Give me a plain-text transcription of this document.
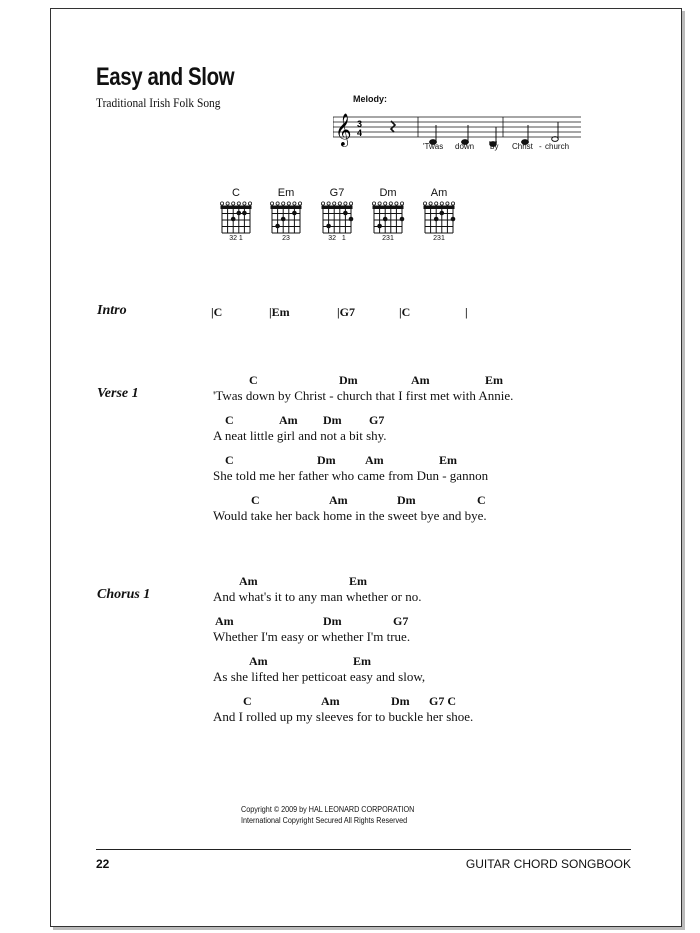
Easy and Slow
Traditional Irish Folk Song	Melody:
𝄞 3
4
'Twas down by Christ - church
C
32 1
Em
23
G7
32   1
Dm
231
Am
231
Intro	|C	|Em	|G7	|C	|
Verse 1
C	Dm	Am	Em
'Twas down by Christ - church that I first met with Annie.
C	Am Dm G7
A neat little girl and not a bit shy.
C	Dm Am	Em
She told me her father who came from Dun - gannon
C	Am	Dm	C
Would take her back home in the sweet bye and bye.
Chorus 1
Am	Em
And what's it to any man whether or no.
Am	Dm	G7
Whether I'm easy or whether I'm true.
Am	Em
As she lifted her petticoat easy and slow,
C	Am	Dm G7 C
And I rolled up my sleeves for to buckle her shoe.
Copyright © 2009 by HAL LEONARD CORPORATION
International Copyright Secured All Rights Reserved
22	GUITAR CHORD SONGBOOK
